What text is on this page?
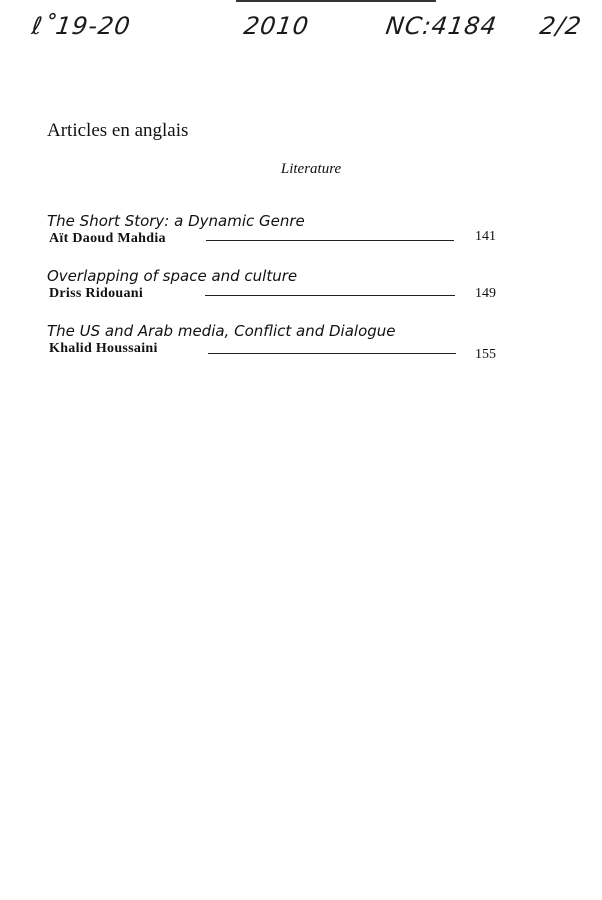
ℓ˚19-20	2010	NC:4184 2/2
Articles en anglais
Literature
The Short Story: a Dynamic Genre
Aït Daoud Mahdia	141
Overlapping of space and culture
Driss Ridouani	149
The US and Arab media, Conflict and Dialogue
Khalid Houssaini	155
